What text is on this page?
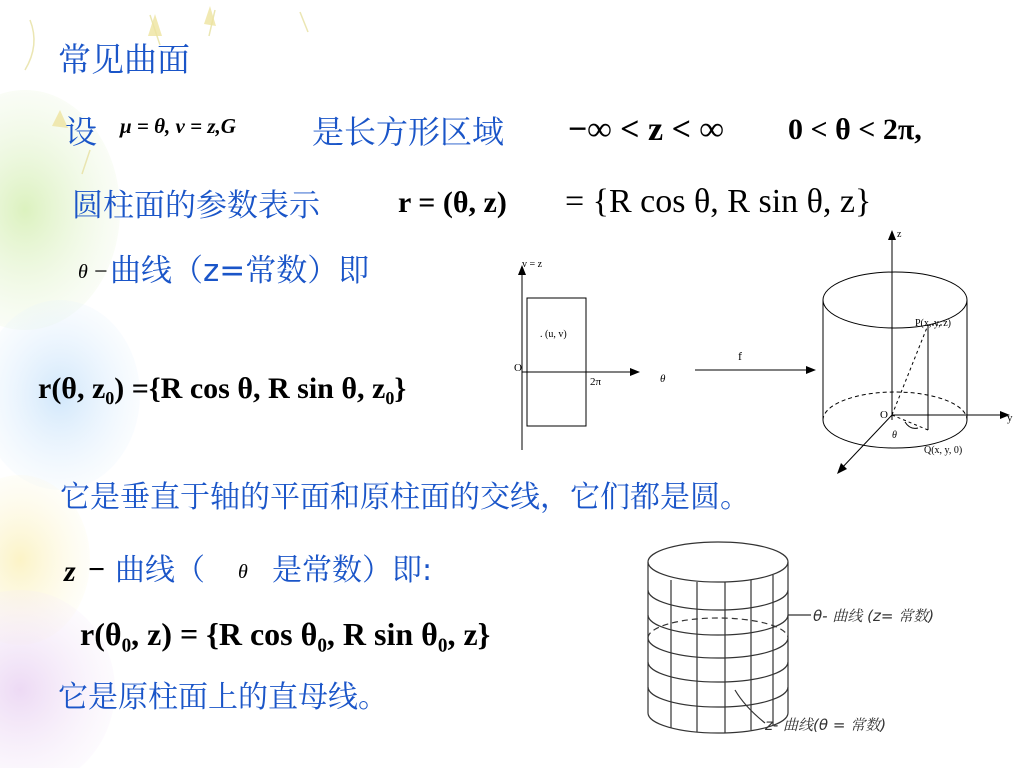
常见曲面
设 μ = θ, v = z,G 是长方形区域 −∞ < z < ∞ 0 < θ < 2π,
圆柱面的参数表示	r = (θ, z) = {R cos θ, R sin θ, z}
θ − 曲线（z=常数）即
r(θ, z₀) ={R cos θ, R sin θ, z₀}
v = z
. (u, v)
O
2π	θ
f
z
y
P(x, y, z)
Q(x, y, 0)
O
θ
它是垂直于轴的平面和原柱面的交线，它们都是圆。
z − 曲线（ θ 是常数）即:
r(θ₀, z) = {R cos θ₀, R sin θ₀, z}
它是原柱面上的直母线。
θ- 曲线 (z= 常数)
z- 曲线(θ = 常数)
